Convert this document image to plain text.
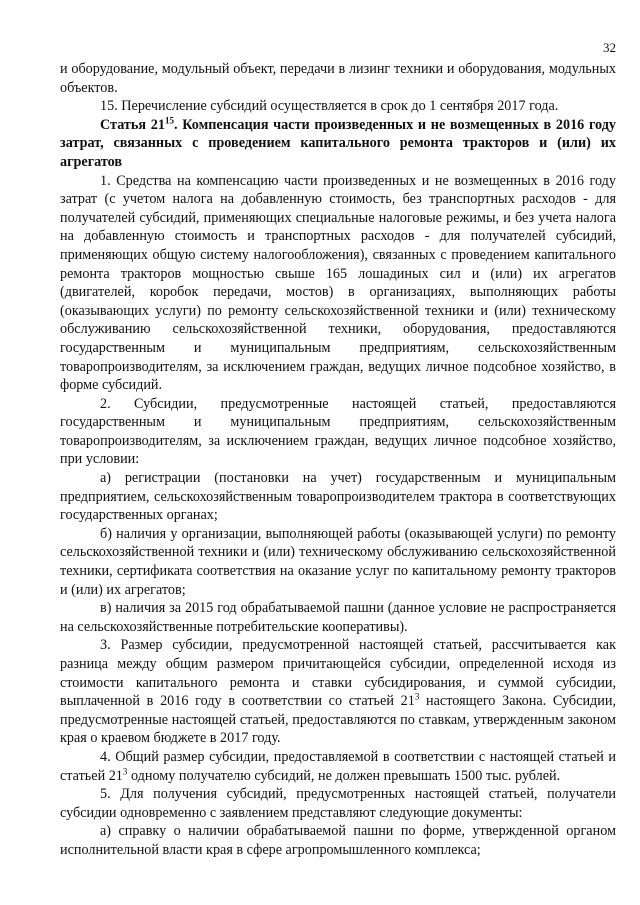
32

и оборудование, модульный объект, передачи в лизинг техники и оборудования, модульных объектов.

15. Перечисление субсидий осуществляется в срок до 1 сентября 2017 года.

Статья $21^{15}$. Компенсация части произведенных и не возмещенных в 2016 году затрат, связанных с проведением капитального ремонта тракторов и (или) их агрегатов

1. Средства на компенсацию части произведенных и не возмещенных в 2016 году затрат (с учетом налога на добавленную стоимость, без транспортных расходов - для получателей субсидий, применяющих специальные налоговые режимы, и без учета налога на добавленную стоимость и транспортных расходов - для получателей субсидий, применяющих общую систему налогообложения), связанных с проведением капитального ремонта тракторов мощностью свыше 165 лошадиных сил и (или) их агрегатов (двигателей, коробок передачи, мостов) в организациях, выполняющих работы (оказывающих услуги) по ремонту сельскохозяйственной техники и (или) техническому обслуживанию сельскохозяйственной техники, оборудования, предоставляются государственным и муниципальным предприятиям, сельскохозяйственным товаропроизводителям, за исключением граждан, ведущих личное подсобное хозяйство, в форме субсидий.

2. Субсидии, предусмотренные настоящей статьей, предоставляются государственным и муниципальным предприятиям, сельскохозяйственным товаропроизводителям, за исключением граждан, ведущих личное подсобное хозяйство, при условии:

а) регистрации (постановки на учет) государственным и муниципальным предприятием, сельскохозяйственным товаропроизводителем трактора в соответствующих государственных органах;

б) наличия у организации, выполняющей работы (оказывающей услуги) по ремонту сельскохозяйственной техники и (или) техническому обслуживанию сельскохозяйственной техники, сертификата соответствия на оказание услуг по капитальному ремонту тракторов и (или) их агрегатов;

в) наличия за 2015 год обрабатываемой пашни (данное условие не распространяется на сельскохозяйственные потребительские кооперативы).

3. Размер субсидии, предусмотренной настоящей статьей, рассчитывается как разница между общим размером причитающейся субсидии, определенной исходя из стоимости капитального ремонта и ставки субсидирования, и суммой субсидии, выплаченной в 2016 году в соответствии со статьей $21^3$ настоящего Закона. Субсидии, предусмотренные настоящей статьей, предоставляются по ставкам, утвержденным законом края о краевом бюджете в 2017 году.

4. Общий размер субсидии, предоставляемой в соответствии с настоящей статьей и статьей $21^3$ одному получателю субсидий, не должен превышать 1500 тыс. рублей.

5. Для получения субсидий, предусмотренных настоящей статьей, получатели субсидии одновременно с заявлением представляют следующие документы:

а) справку о наличии обрабатываемой пашни по форме, утвержденной органом исполнительной власти края в сфере агропромышленного комплекса;
